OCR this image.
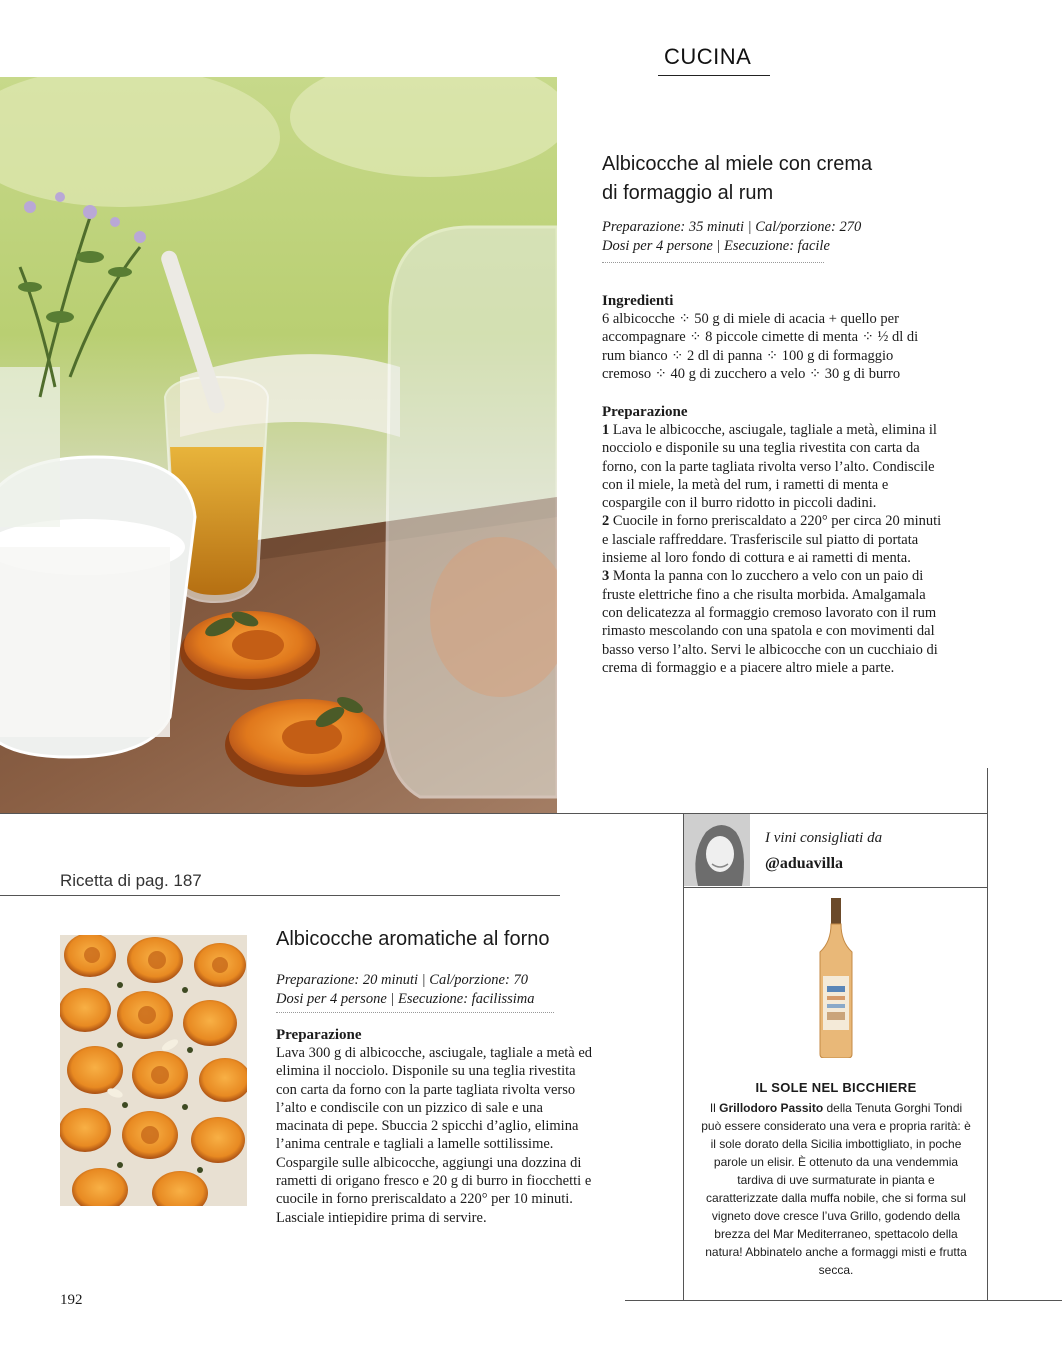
CUCINA
Albicocche al miele con crema
di formaggio al rum
Preparazione: 35 minuti | Cal/porzione: 270
Dosi per 4 persone | Esecuzione: facile
Ingredienti
6 albicocche ⁘ 50 g di miele di acacia + quello per accompagnare ⁘ 8 piccole cimette di menta ⁘ ½ dl di rum bianco ⁘ 2 dl di panna ⁘ 100 g di formaggio cremoso ⁘ 40 g di zucchero a velo ⁘ 30 g di burro
Preparazione

1 Lava le albicocche, asciugale, tagliale a metà, elimina il nocciolo e disponile su una teglia rivestita con carta da forno, con la parte tagliata rivolta verso l’alto. Condiscile con il miele, la metà del rum, i rametti di menta e cospargile con il burro ridotto in piccoli dadini.

2 Cuocile in forno preriscaldato a 220° per circa 20 minuti e lasciale raffreddare. Trasferiscile sul piatto di portata insieme al loro fondo di cottura e ai rametti di menta.

3 Monta la panna con lo zucchero a velo con un paio di fruste elettriche fino a che risulta morbida. Amalgamala con delicatezza al formaggio cremoso lavorato con il rum rimasto mescolando con una spatola e con movimenti dal basso verso l’alto. Servi le albicocche con un cucchiaio di crema di formaggio e a piacere altro miele a parte.

Ricetta di pag. 187
Albicocche aromatiche al forno
Preparazione: 20 minuti | Cal/porzione: 70
Dosi per 4 persone | Esecuzione: facilissima
Preparazione
Lava 300 g di albicocche, asciugale, tagliale a metà ed elimina il nocciolo. Disponile su una teglia rivestita con carta da forno con la parte tagliata rivolta verso l’alto e condiscile con un pizzico di sale e una macinata di pepe. Sbuccia 2 spicchi d’aglio, elimina l’anima centrale e tagliali a lamelle sottilissime. Cospargile sulle albicocche, aggiungi una dozzina di rametti di origano fresco e 20 g di burro in fiocchetti e cuocile in forno preriscaldato a 220° per 10 minuti. Lasciale intiepidire prima di servire.
192
I vini consigliati da
@aduavilla
IL SOLE NEL BICCHIERE
Il Grillodoro Passito della Tenuta Gorghi Tondi può essere considerato una vera e propria rarità: è il sole dorato della Sicilia imbottigliato, in poche parole un elisir. È ottenuto da una vendemmia tardiva di uve surmaturate in pianta e caratterizzate dalla muffa nobile, che si forma sul vigneto dove cresce l’uva Grillo, godendo della brezza del Mar Mediterraneo, spettacolo della natura! Abbinatelo anche a formaggi misti e frutta secca.
